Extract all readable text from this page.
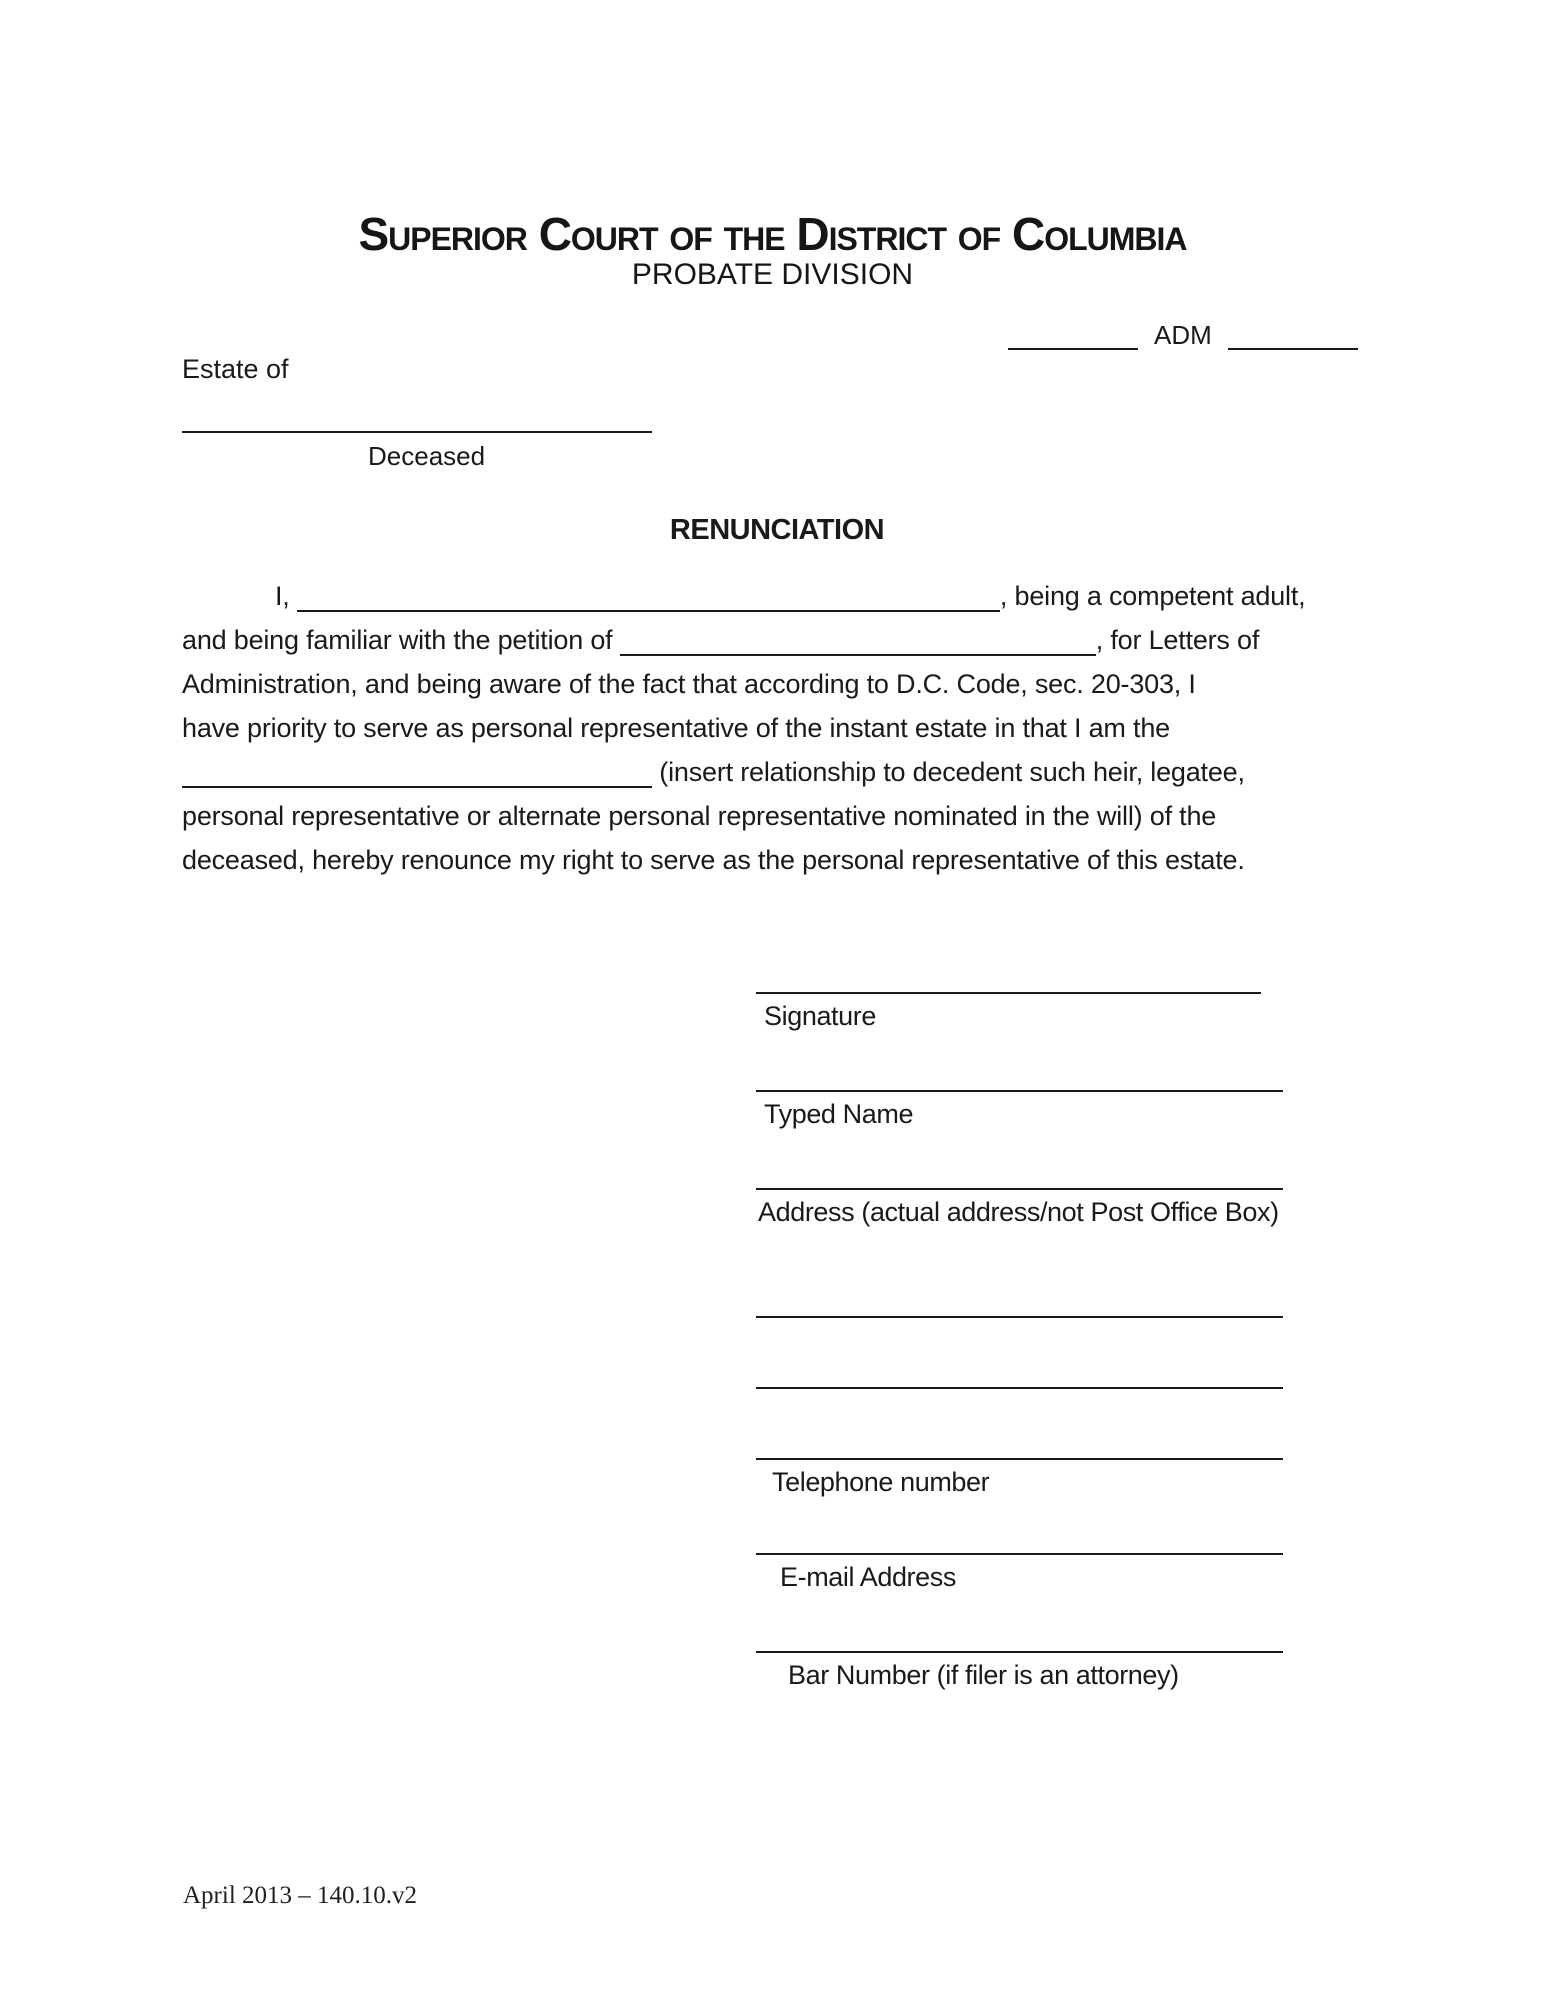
Superior Court of the District of Columbia
PROBATE DIVISION
ADM
Estate of
Deceased
RENUNCIATION
I,	, being a competent adult,
and being familiar with the petition of	, for Letters of
Administration, and being aware of the fact that according to D.C. Code, sec. 20-303, I
have priority to serve as personal representative of the instant estate in that I am the
(insert relationship to decedent such heir, legatee,
personal representative or alternate personal representative nominated in the will) of the
deceased, hereby renounce my right to serve as the personal representative of this estate.
Signature
Typed Name
Address (actual address/not Post Office Box)
Telephone number
E-mail Address
Bar Number (if filer is an attorney)
April 2013 – 140.10.v2
